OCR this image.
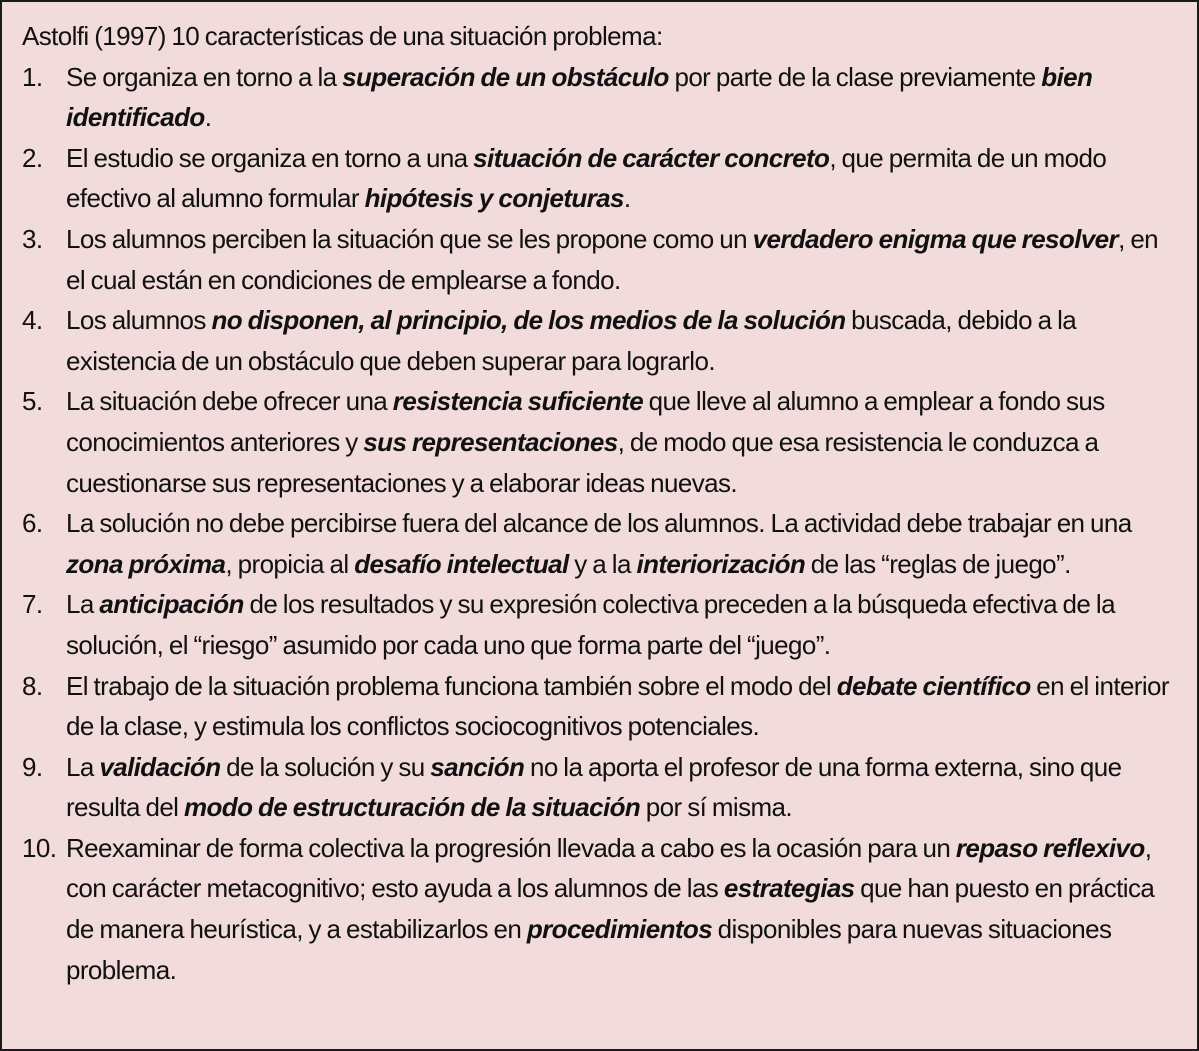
Astolfi (1997) 10 características de una situación problema:

1. Se organiza en torno a la superación de un obstáculo por parte de la clase previamente bien identificado.
2. El estudio se organiza en torno a una situación de carácter concreto, que permita de un modo efectivo al alumno formular hipótesis y conjeturas.
3. Los alumnos perciben la situación que se les propone como un verdadero enigma que resolver, en el cual están en condiciones de emplearse a fondo.
4. Los alumnos no disponen, al principio, de los medios de la solución buscada, debido a la existencia de un obstáculo que deben superar para lograrlo.
5. La situación debe ofrecer una resistencia suficiente que lleve al alumno a emplear a fondo sus conocimientos anteriores y sus representaciones, de modo que esa resistencia le conduzca a cuestionarse sus representaciones y a elaborar ideas nuevas.
6. La solución no debe percibirse fuera del alcance de los alumnos. La actividad debe trabajar en una zona próxima, propicia al desafío intelectual y a la interiorización de las “reglas de juego”.
7. La anticipación de los resultados y su expresión colectiva preceden a la búsqueda efectiva de la solución, el “riesgo” asumido por cada uno que forma parte del “juego”.
8. El trabajo de la situación problema funciona también sobre el modo del debate científico en el interior de la clase, y estimula los conflictos sociocognitivos potenciales.
9. La validación de la solución y su sanción no la aporta el profesor de una forma externa, sino que resulta del modo de estructuración de la situación por sí misma.
10. Reexaminar de forma colectiva la progresión llevada a cabo es la ocasión para un repaso reflexivo, con carácter metacognitivo; esto ayuda a los alumnos de las estrategias que han puesto en práctica de manera heurística, y a estabilizarlos en procedimientos disponibles para nuevas situaciones problema.
